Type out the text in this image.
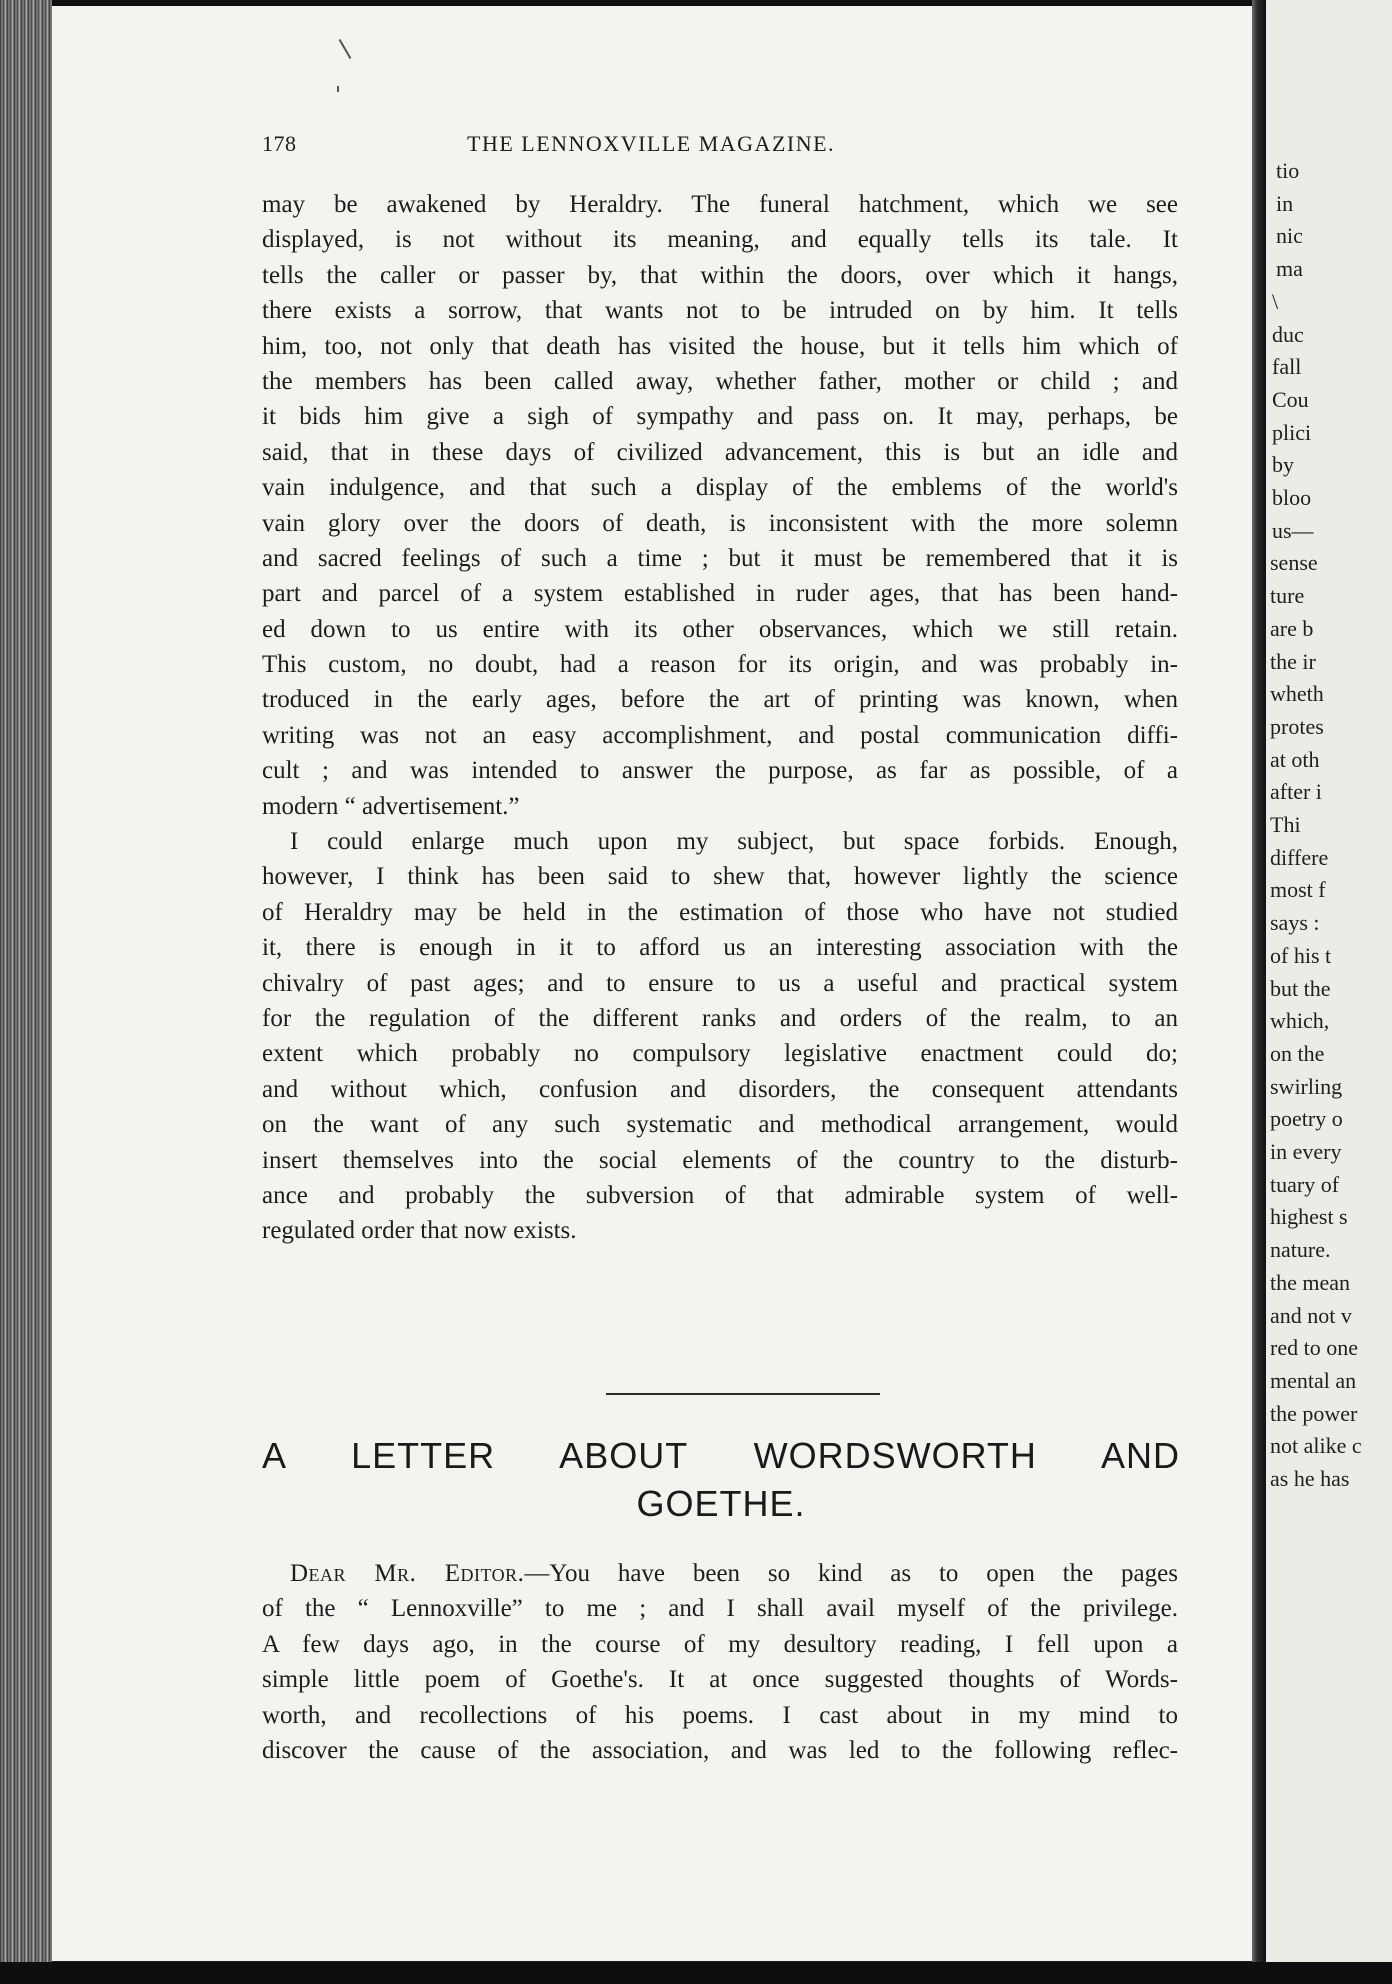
tio
in
nic
ma
\
duc
fall
Cou
plici
by
bloo
us—
sense
ture
are b
the ir
wheth
protes
at oth
after i
Thi
differe
most f
says :
of his t
but the
which,
on the
swirling
poetry o
in every
tuary of
highest s
nature.
the mean
and not v
red to one
mental an
the power
not alike c
as he has
178	THE LENNOXVILLE MAGAZINE.
may be awakened by Heraldry. The funeral hatchment, which we see
displayed, is not without its meaning, and equally tells its tale. It
tells the caller or passer by, that within the doors, over which it hangs,
there exists a sorrow, that wants not to be intruded on by him. It tells
him, too, not only that death has visited the house, but it tells him which of
the members has been called away, whether father, mother or child ; and
it bids him give a sigh of sympathy and pass on. It may, perhaps, be
said, that in these days of civilized advancement, this is but an idle and
vain indulgence, and that such a display of the emblems of the world's
vain glory over the doors of death, is inconsistent with the more solemn
and sacred feelings of such a time ; but it must be remembered that it is
part and parcel of a system established in ruder ages, that has been hand-
ed down to us entire with its other observances, which we still retain.
This custom, no doubt, had a reason for its origin, and was probably in-
troduced in the early ages, before the art of printing was known, when
writing was not an easy accomplishment, and postal communication diffi-
cult ; and was intended to answer the purpose, as far as possible, of a
modern “ advertisement.”
I could enlarge much upon my subject, but space forbids. Enough,
however, I think has been said to shew that, however lightly the science
of Heraldry may be held in the estimation of those who have not studied
it, there is enough in it to afford us an interesting association with the
chivalry of past ages; and to ensure to us a useful and practical system
for the regulation of the different ranks and orders of the realm, to an
extent which probably no compulsory legislative enactment could do;
and without which, confusion and disorders, the consequent attendants
on the want of any such systematic and methodical arrangement, would
insert themselves into the social elements of the country to the disturb-
ance and probably the subversion of that admirable system of well-
regulated order that now exists.
A LETTER ABOUT WORDSWORTH AND
GOETHE.
Dear Mr. Editor.—You have been so kind as to open the pages
of the “ Lennoxville” to me ; and I shall avail myself of the privilege.
A few days ago, in the course of my desultory reading, I fell upon a
simple little poem of Goethe's. It at once suggested thoughts of Words-
worth, and recollections of his poems. I cast about in my mind to
discover the cause of the association, and was led to the following reflec-
